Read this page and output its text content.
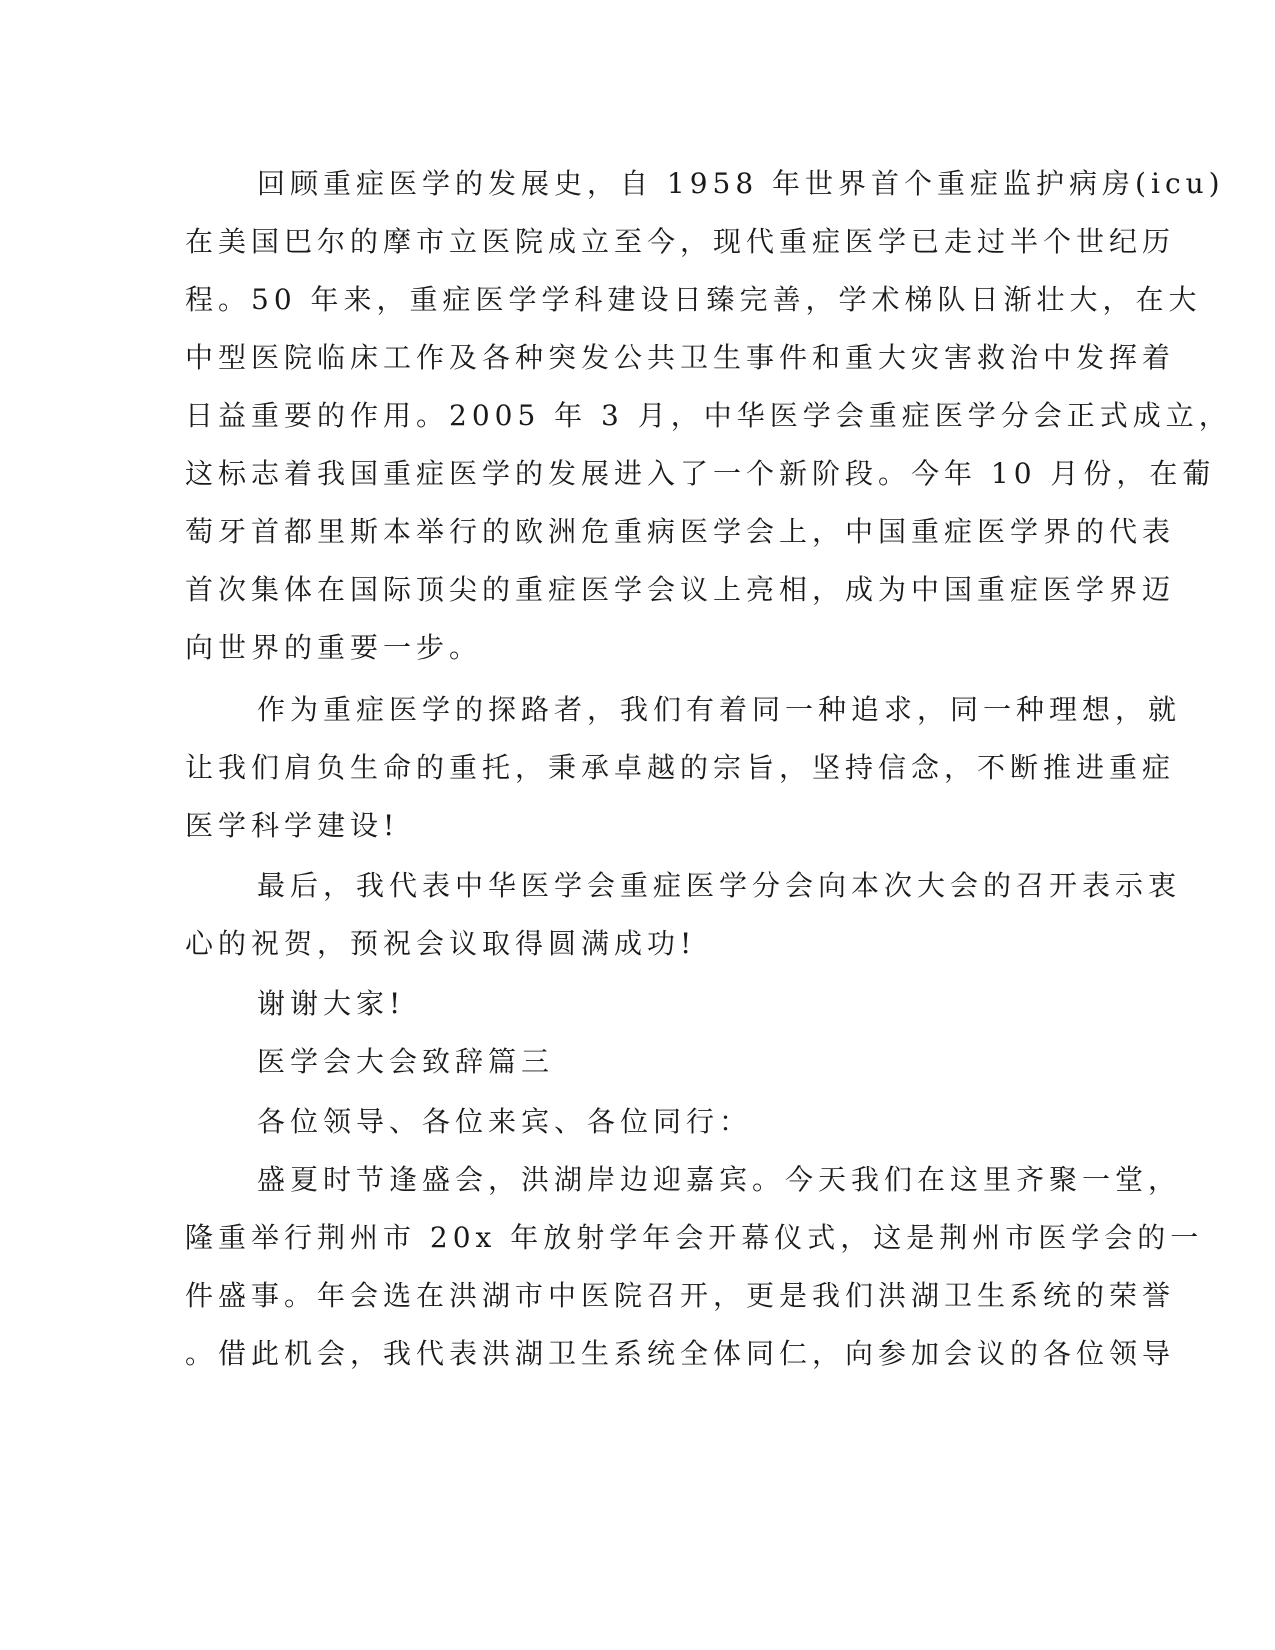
回顾重症医学的发展史，自 1958 年世界首个重症监护病房(icu)
在美国巴尔的摩市立医院成立至今，现代重症医学已走过半个世纪历
程。50 年来，重症医学学科建设日臻完善，学术梯队日渐壮大，在大
中型医院临床工作及各种突发公共卫生事件和重大灾害救治中发挥着
日益重要的作用。2005 年 3 月，中华医学会重症医学分会正式成立，
这标志着我国重症医学的发展进入了一个新阶段。今年 10 月份，在葡
萄牙首都里斯本举行的欧洲危重病医学会上，中国重症医学界的代表
首次集体在国际顶尖的重症医学会议上亮相，成为中国重症医学界迈
向世界的重要一步。
作为重症医学的探路者，我们有着同一种追求，同一种理想，就
让我们肩负生命的重托，秉承卓越的宗旨，坚持信念，不断推进重症
医学科学建设!
最后，我代表中华医学会重症医学分会向本次大会的召开表示衷
心的祝贺，预祝会议取得圆满成功!
谢谢大家!
医学会大会致辞篇三
各位领导、各位来宾、各位同行：
盛夏时节逢盛会，洪湖岸边迎嘉宾。今天我们在这里齐聚一堂，
隆重举行荆州市 20x 年放射学年会开幕仪式，这是荆州市医学会的一
件盛事。年会选在洪湖市中医院召开，更是我们洪湖卫生系统的荣誉
。借此机会，我代表洪湖卫生系统全体同仁，向参加会议的各位领导
